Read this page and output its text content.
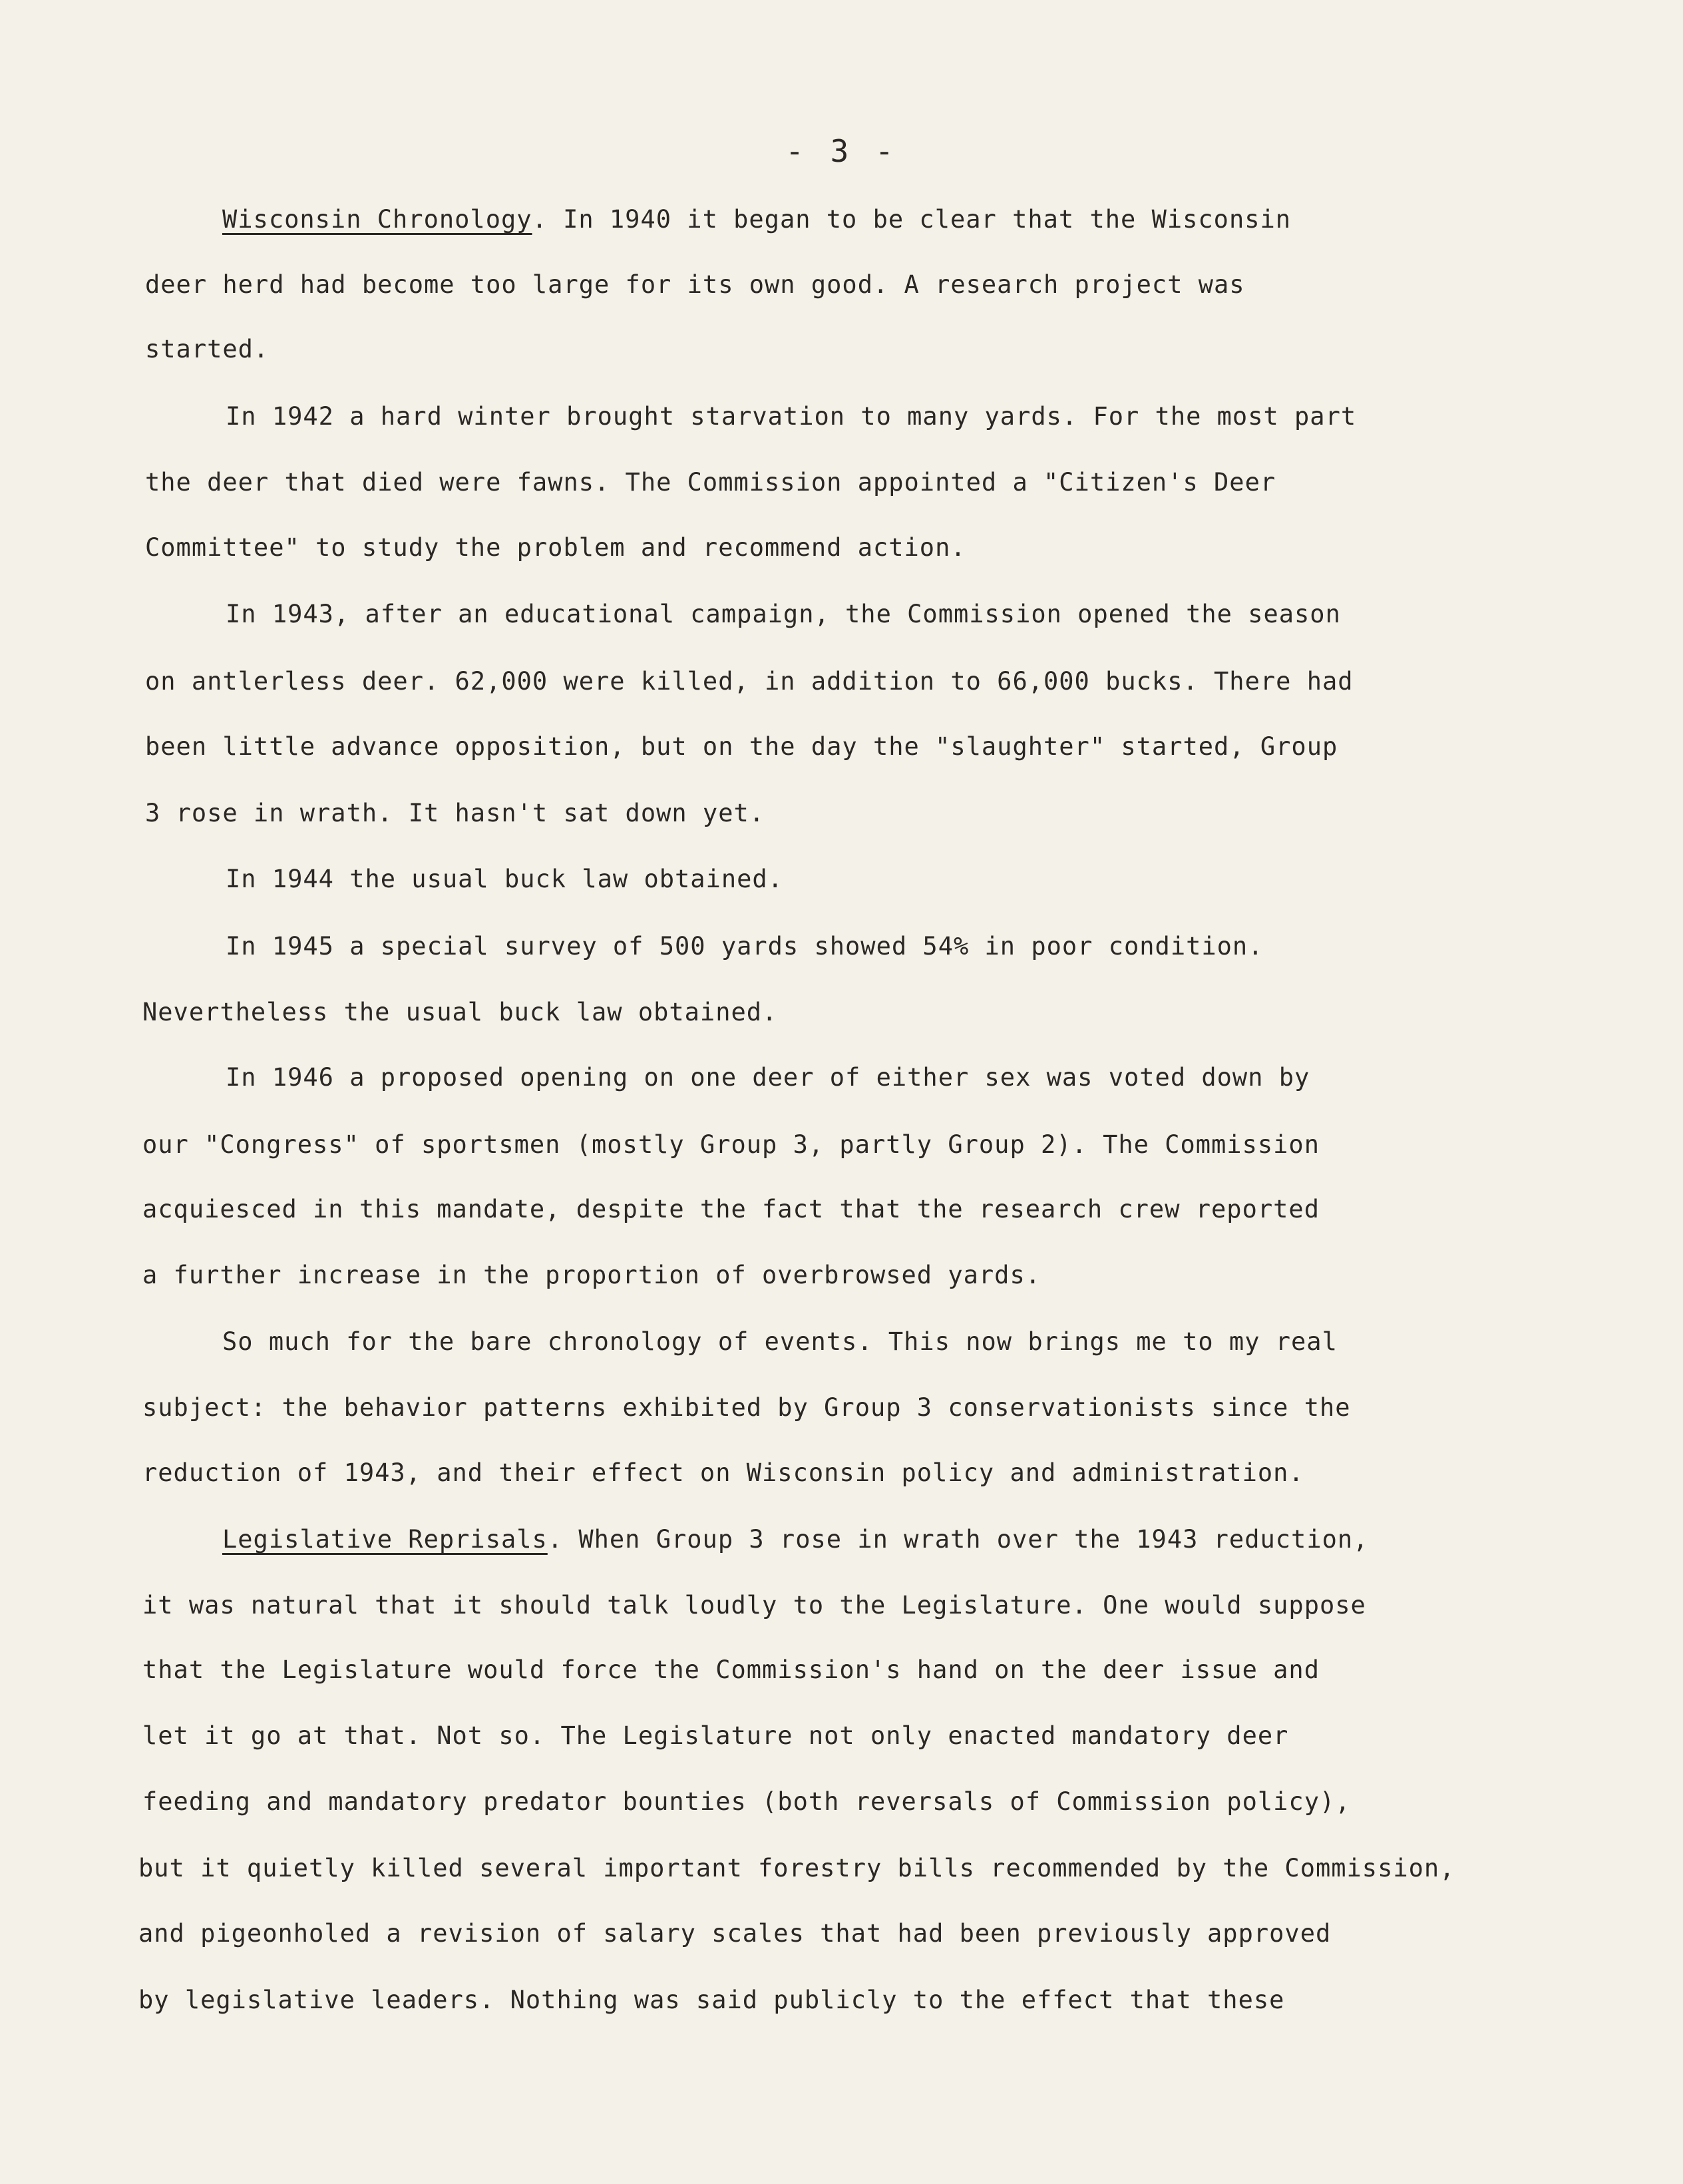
- 3 -
Wisconsin Chronology. In 1940 it began to be clear that the Wisconsin
deer herd had become too large for its own good. A research project was
started.
In 1942 a hard winter brought starvation to many yards. For the most part
the deer that died were fawns. The Commission appointed a "Citizen's Deer
Committee" to study the problem and recommend action.
In 1943, after an educational campaign, the Commission opened the season
on antlerless deer. 62,000 were killed, in addition to 66,000 bucks. There had
been little advance opposition, but on the day the "slaughter" started, Group
3 rose in wrath. It hasn't sat down yet.
In 1944 the usual buck law obtained.
In 1945 a special survey of 500 yards showed 54% in poor condition.
Nevertheless the usual buck law obtained.
In 1946 a proposed opening on one deer of either sex was voted down by
our "Congress" of sportsmen (mostly Group 3, partly Group 2). The Commission
acquiesced in this mandate, despite the fact that the research crew reported
a further increase in the proportion of overbrowsed yards.
So much for the bare chronology of events. This now brings me to my real
subject: the behavior patterns exhibited by Group 3 conservationists since the
reduction of 1943, and their effect on Wisconsin policy and administration.
Legislative Reprisals. When Group 3 rose in wrath over the 1943 reduction,
it was natural that it should talk loudly to the Legislature. One would suppose
that the Legislature would force the Commission's hand on the deer issue and
let it go at that. Not so. The Legislature not only enacted mandatory deer
feeding and mandatory predator bounties (both reversals of Commission policy),
but it quietly killed several important forestry bills recommended by the Commission,
and pigeonholed a revision of salary scales that had been previously approved
by legislative leaders. Nothing was said publicly to the effect that these
